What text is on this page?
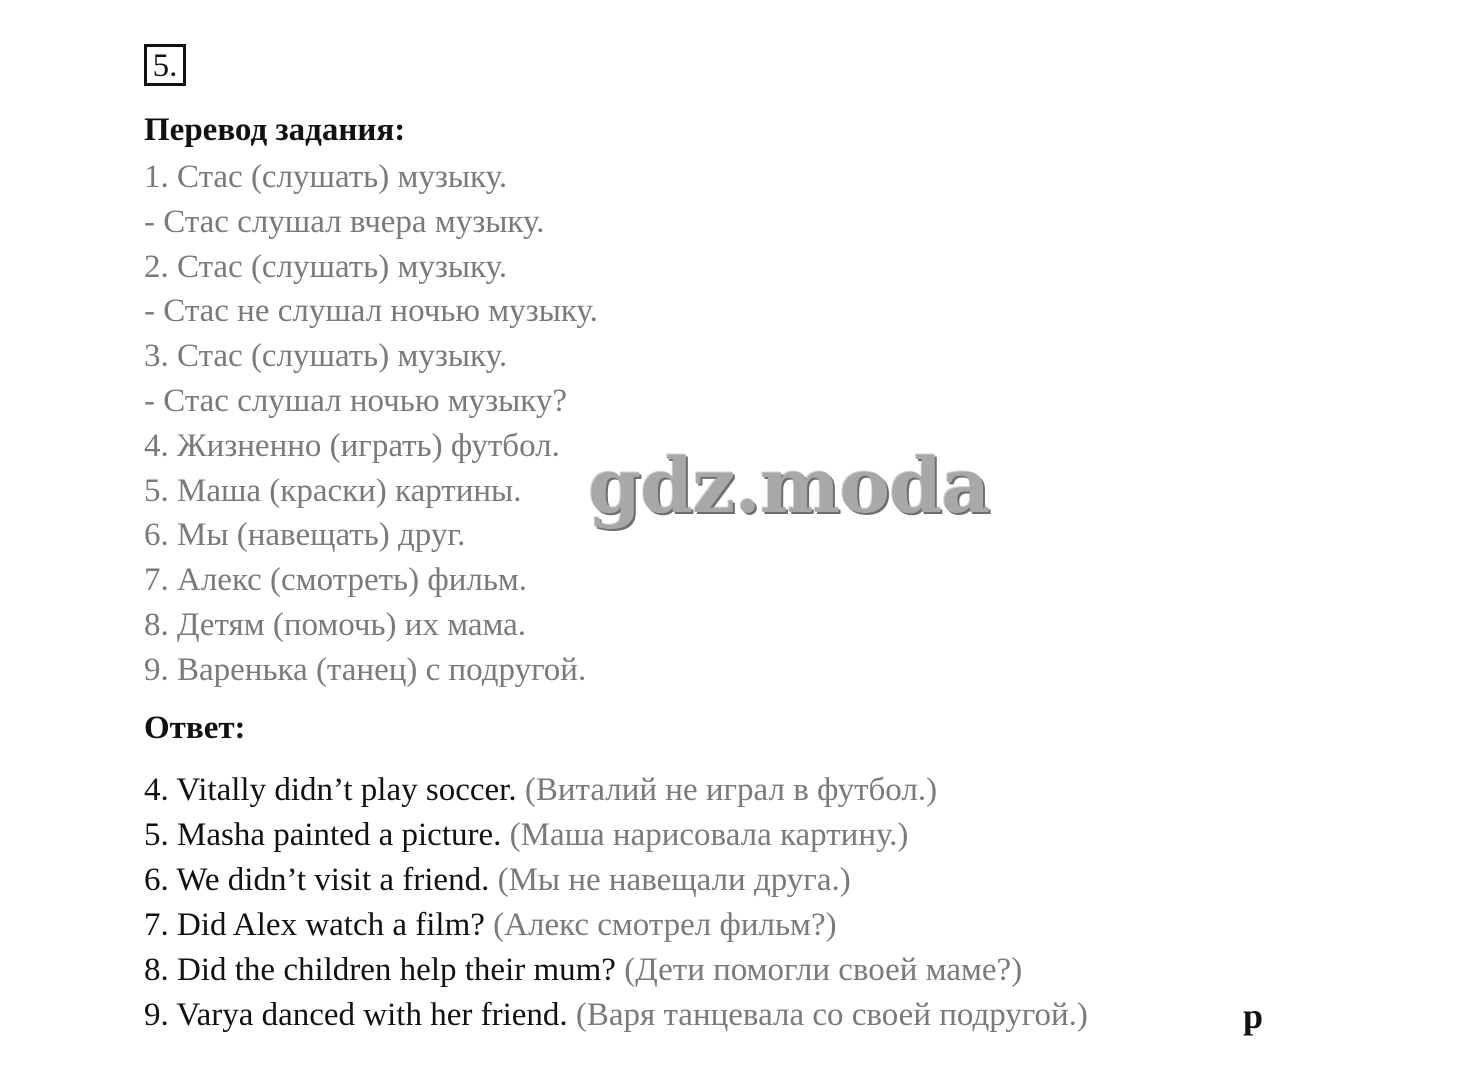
5.
Перевод задания:
1. Стас (слушать) музыку.
- Стас слушал вчера музыку.
2. Стас (слушать) музыку.
- Стас не слушал ночью музыку.
3. Стас (слушать) музыку.
- Стас слушал ночью музыку?
4. Жизненно (играть) футбол.
5. Маша (краски) картины.
6. Мы (навещать) друг.
7. Алекс (смотреть) фильм.
8. Детям (помочь) их мама.
9. Варенька (танец) с подругой.
Ответ:
4. Vitally didn’t play soccer. (Виталий не играл в футбол.)
5. Masha painted a picture. (Маша нарисовала картину.)
6. We didn’t visit a friend. (Мы не навещали друга.)
7. Did Alex watch a film? (Алекс смотрел фильм?)
8. Did the children help their mum? (Дети помогли своей маме?)
9. Varya danced with her friend. (Варя танцевала со своей подругой.)
gdz.moda
р
